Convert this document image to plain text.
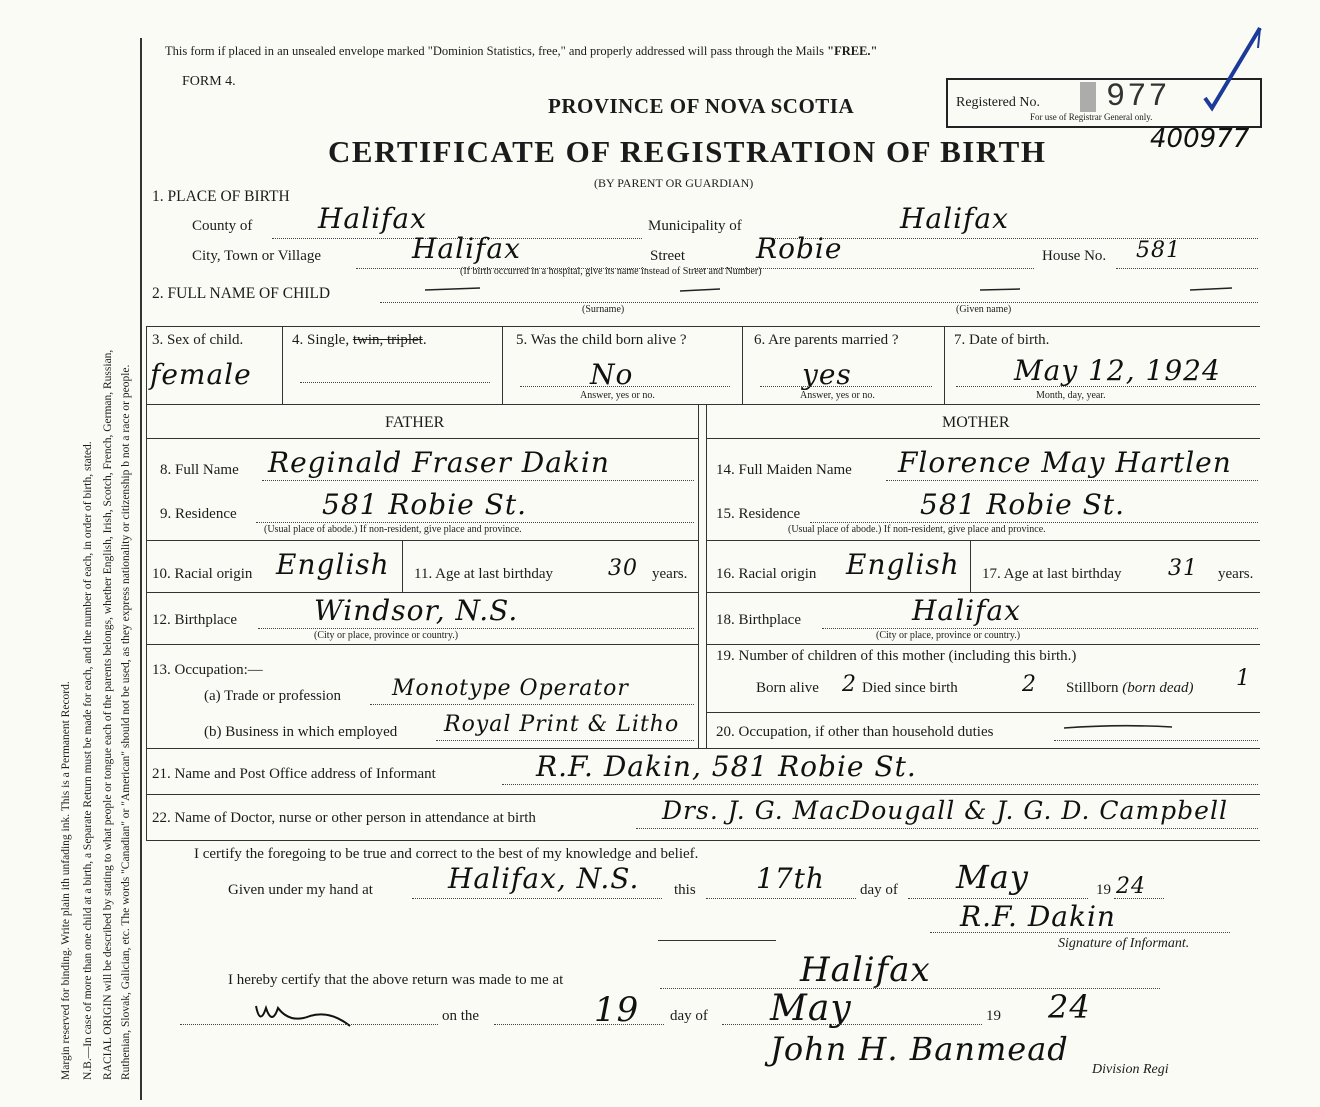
Margin reserved for binding. Write plain ith unfading ink. This is a Permanent Record. N.B.—In case of more than one child at a birth, a Separate Return must be made for each, and the number of each, in order of birth, stated. RACIAL ORIGIN will be described by stating to what people or tongue each of the parents belongs, whether English, Irish, Scotch, French, German, Russian, Ruthenian, Slovak, Galician, etc. The words "Canadian" or "American" should not be used, as they express nationality or citizenship b not a race or people.
This form if placed in an unsealed envelope marked "Dominion Statistics, free," and properly addressed will pass through the Mails "FREE."
FORM 4.
PROVINCE OF NOVA SCOTIA
CERTIFICATE OF REGISTRATION OF BIRTH
(BY PARENT OR GUARDIAN)
Registered No. 977
For use of Registrar General only.
400977
1. PLACE OF BIRTH
County of Halifax	Municipality of	Halifax
City, Town or Village	Halifax	Street	Robie	House No. 581
(If birth occurred in a hospital, give its name instead of Street and Number)
2. FULL NAME OF CHILD
(Surname)	(Given name)
3. Sex of child.
female
4. Single, twin, triplet.	5. Was the child born alive ?
No
Answer, yes or no.
6. Are parents married ?
yes
Answer, yes or no.
7. Date of birth.
May 12, 1924
Month, day, year.
FATHER	MOTHER
8. Full Name Reginald Fraser Dakin
9. Residence	581 Robie St.
(Usual place of abode.) If non-resident, give place and province.
10. Racial origin English 11. Age at last birthday	30 years.
12. Birthplace	Windsor, N.S.
(City or place, province or country.)
13. Occupation:—
(a) Trade or profession Monotype Operator
(b) Business in which employed Royal Print & Litho
14. Full Maiden Name Florence May Hartlen
15. Residence	581 Robie St.
(Usual place of abode.) If non-resident, give place and province.
16. Racial origin English 17. Age at last birthday 31 years.
18. Birthplace	Halifax
(City or place, province or country.)
19. Number of children of this mother (including this birth.)
Born alive 2 Died since birth	2 Stillborn (born dead) 1
20. Occupation, if other than household duties
21. Name and Post Office address of Informant	R.F. Dakin, 581 Robie St.
22. Name of Doctor, nurse or other person in attendance at birth	Drs. J. G. MacDougall & J. G. D. Campbell
I certify the foregoing to be true and correct to the best of my knowledge and belief.
Given under my hand at	Halifax, N.S. this 17th day of May	19 24
R.F. Dakin
Signature of Informant.
I hereby certify that the above return was made to me at	Halifax
on the	19 day of May	19 24
John H. Banmead
Division Regi
